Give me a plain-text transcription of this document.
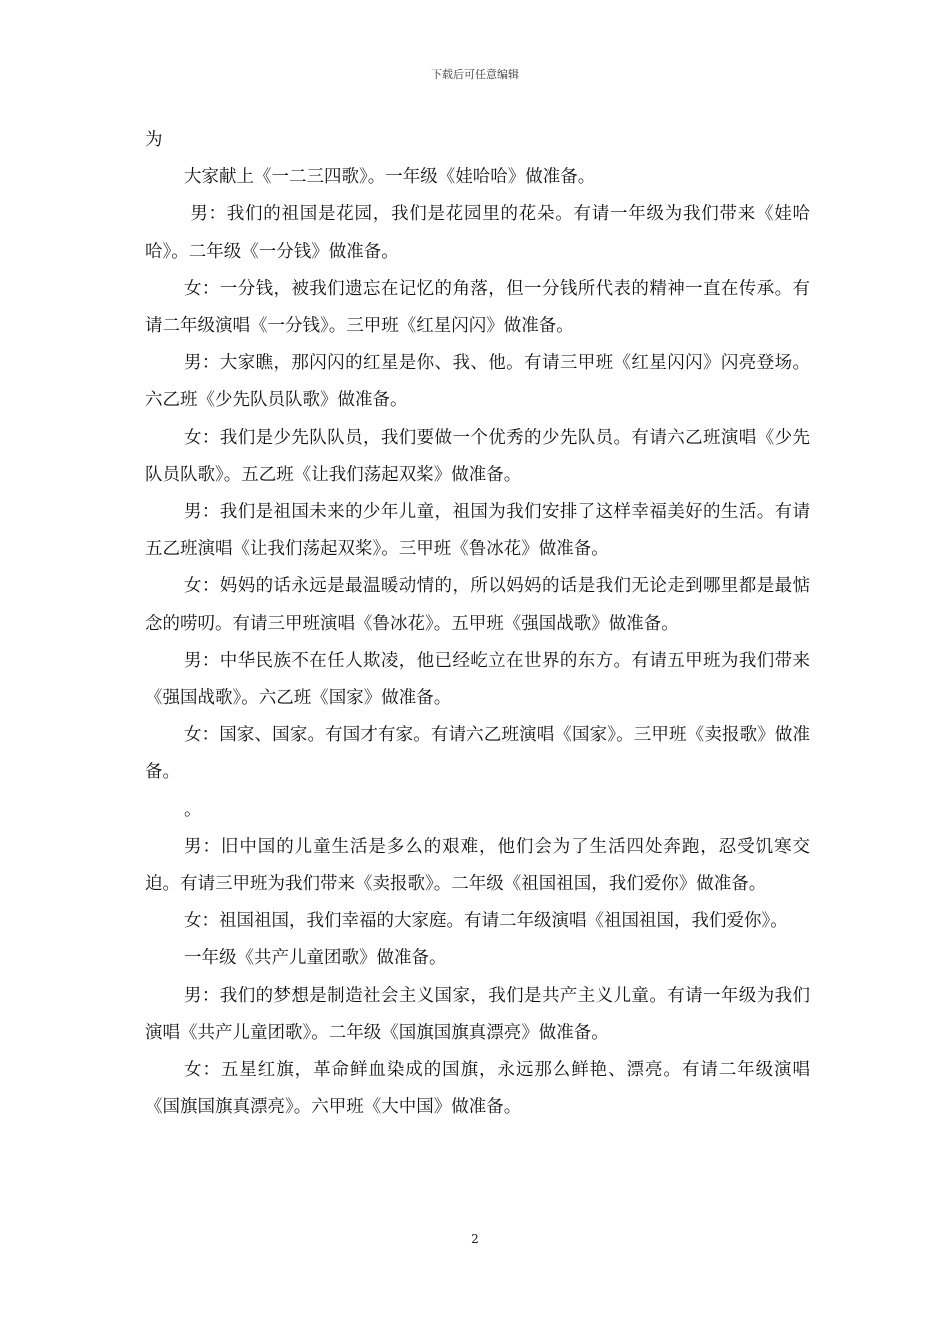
下载后可任意编辑

为

大家献上《一二三四歌》。一年级《娃哈哈》做准备。

男：我们的祖国是花园，我们是花园里的花朵。有请一年级为我们带来《娃哈哈》。二年级《一分钱》做准备。

女：一分钱，被我们遗忘在记忆的角落，但一分钱所代表的精神一直在传承。有请二年级演唱《一分钱》。三甲班《红星闪闪》做准备。

男：大家瞧，那闪闪的红星是你、我、他。有请三甲班《红星闪闪》闪亮登场。六乙班《少先队员队歌》做准备。

女：我们是少先队队员，我们要做一个优秀的少先队员。有请六乙班演唱《少先队员队歌》。五乙班《让我们荡起双桨》做准备。

男：我们是祖国未来的少年儿童，祖国为我们安排了这样幸福美好的生活。有请五乙班演唱《让我们荡起双桨》。三甲班《鲁冰花》做准备。

女：妈妈的话永远是最温暖动情的，所以妈妈的话是我们无论走到哪里都是最惦念的唠叨。有请三甲班演唱《鲁冰花》。五甲班《强国战歌》做准备。

男：中华民族不在任人欺凌，他已经屹立在世界的东方。有请五甲班为我们带来《强国战歌》。六乙班《国家》做准备。

女：国家、国家。有国才有家。有请六乙班演唱《国家》。三甲班《卖报歌》做准备。

。

男：旧中国的儿童生活是多么的艰难，他们会为了生活四处奔跑，忍受饥寒交迫。有请三甲班为我们带来《卖报歌》。二年级《祖国祖国，我们爱你》做准备。

女：祖国祖国，我们幸福的大家庭。有请二年级演唱《祖国祖国，我们爱你》。

一年级《共产儿童团歌》做准备。

男：我们的梦想是制造社会主义国家，我们是共产主义儿童。有请一年级为我们演唱《共产儿童团歌》。二年级《国旗国旗真漂亮》做准备。

女：五星红旗，革命鲜血染成的国旗，永远那么鲜艳、漂亮。有请二年级演唱《国旗国旗真漂亮》。六甲班《大中国》做准备。

2
